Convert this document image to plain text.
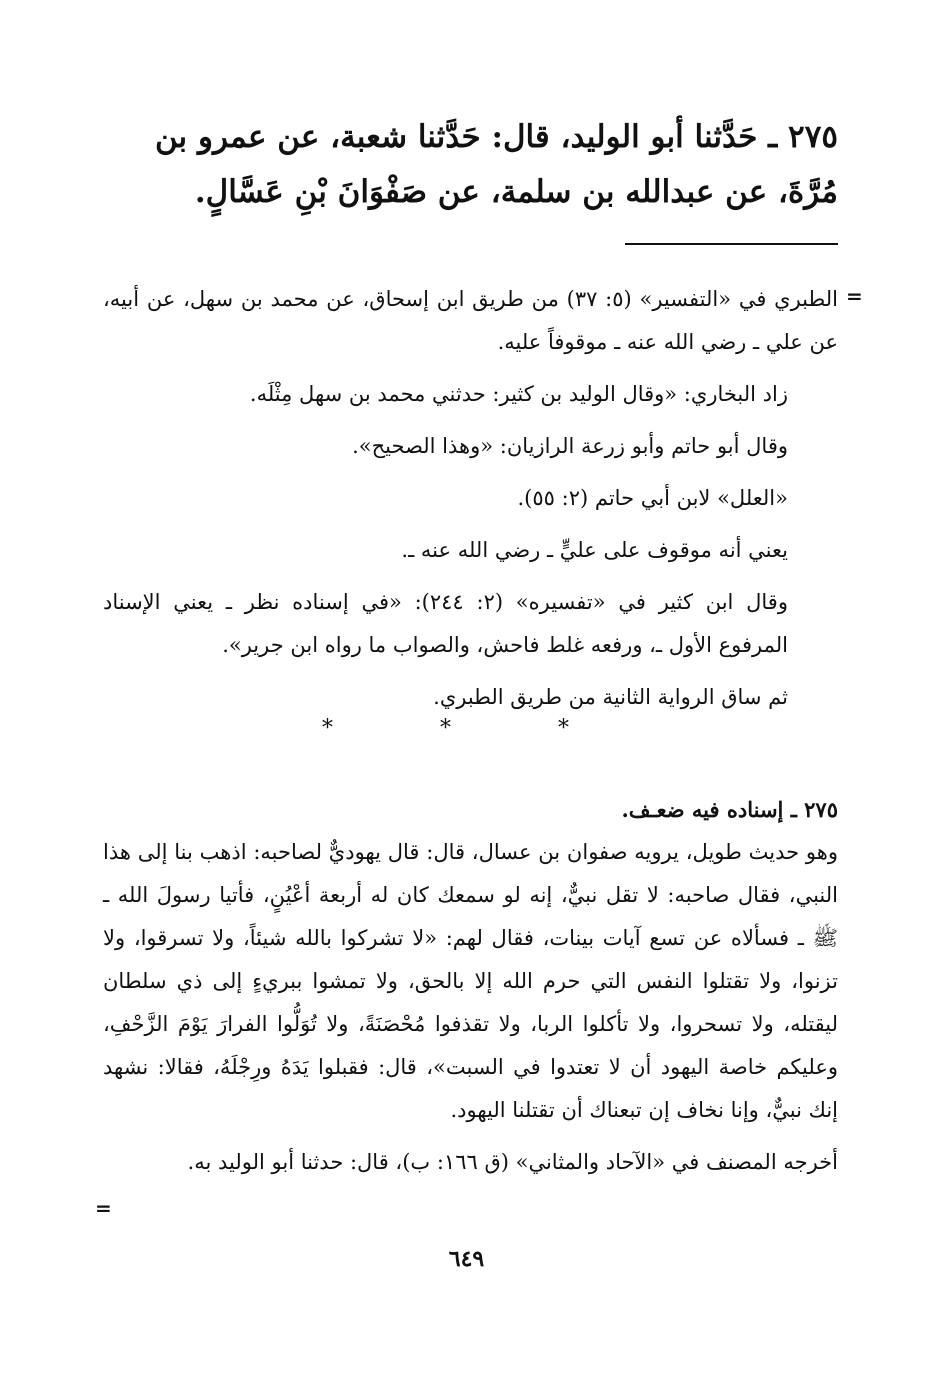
٢٧٥ ـ حَدَّثنا أبو الوليد، قال: حَدَّثنا شعبة، عن عمرو بن
مُرَّةَ، عن عبدالله بن سلمة، عن صَفْوَانَ بْنِ عَسَّالٍ.
=

الطبري في «التفسير» (٥: ٣٧) من طريق ابن إسحاق، عن محمد بن سهل، عن أبيه، عن علي ـ رضي الله عنه ـ موقوفاً عليه.

زاد البخاري: «وقال الوليد بن كثير: حدثني محمد بن سهل مِثْلَه.

وقال أبو حاتم وأبو زرعة الرازيان: «وهذا الصحيح».

«العلل» لابن أبي حاتم (٢: ٥٥).

يعني أنه موقوف على عليٍّ ـ رضي الله عنه ـ.

وقال ابن كثير في «تفسيره» (٢: ٢٤٤): «في إسناده نظر ـ يعني الإسناد المرفوع الأول ـ، ورفعه غلط فاحش، والصواب ما رواه ابن جرير».

ثم ساق الرواية الثانية من طريق الطبري.

* * *

٢٧٥ ـ إسناده فيه ضعـف.

وهو حديث طويل، يرويه صفوان بن عسال، قال: قال يهوديٌّ لصاحبه: اذهب بنا إلى هذا النبي، فقال صاحبه: لا تقل نبيٌّ، إنه لو سمعك كان له أربعة أعْيُنٍ، فأتيا رسولَ الله ـ ﷺ ـ فسألاه عن تسع آيات بينات، فقال لهم: «لا تشركوا بالله شيئاً، ولا تسرقوا، ولا تزنوا، ولا تقتلوا النفس التي حرم الله إلا بالحق، ولا تمشوا ببريءٍ إلى ذي سلطان ليقتله، ولا تسحروا، ولا تأكلوا الربا، ولا تقذفوا مُحْصَنَةً، ولا تُوَلُّوا الفرارَ يَوْمَ الزَّحْفِ، وعليكم خاصة اليهود أن لا تعتدوا في السبت»، قال: فقبلوا يَدَهُ ورِجْلَهُ، فقالا: نشهد إنك نبيٌّ، وإنا نخاف إن تبعناك أن تقتلنا اليهود.

أخرجه المصنف في «الآحاد والمثاني» (ق ١٦٦: ب)، قال: حدثنا أبو الوليد به.

=
٦٤٩
